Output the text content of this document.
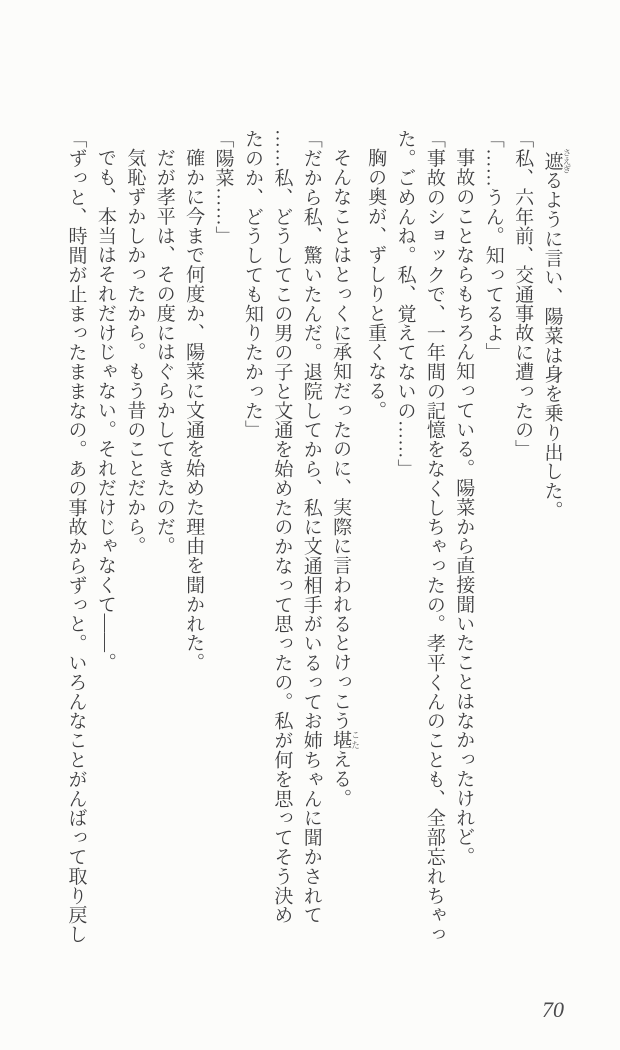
遮 さえぎるように言い、陽菜は身を乗り出した。
「私、六年前、交通事故に遭ったの」
「……うん。知ってるよ」
事故のことならもちろん知っている。陽菜から直接聞いたことはなかったけれど。
「事故のショックで、一年間の記憶をなくしちゃったの。孝平くんのことも、全部忘れちゃっ
た。ごめんね。私、覚えてないの……」
胸の奥が、ずしりと重くなる。
そんなことはとっくに承知だったのに、実際に言われるとけっこう堪 こたえる。
「だから私、驚いたんだ。退院してから、私に文通相手がいるってお姉ちゃんに聞かされて
……私、どうしてこの男の子と文通を始めたのかなって思ったの。私が何を思ってそう決め
たのか、どうしても知りたかった」
「陽菜……」
確かに今まで何度か、陽菜に文通を始めた理由を聞かれた。
だが孝平は、その度にはぐらかしてきたのだ。
気恥ずかしかったから。もう昔のことだから。
でも、本当はそれだけじゃない。それだけじゃなくて――。
「ずっと、時間が止まったままなの。あの事故からずっと。いろんなことがんばって取り戻し
70
